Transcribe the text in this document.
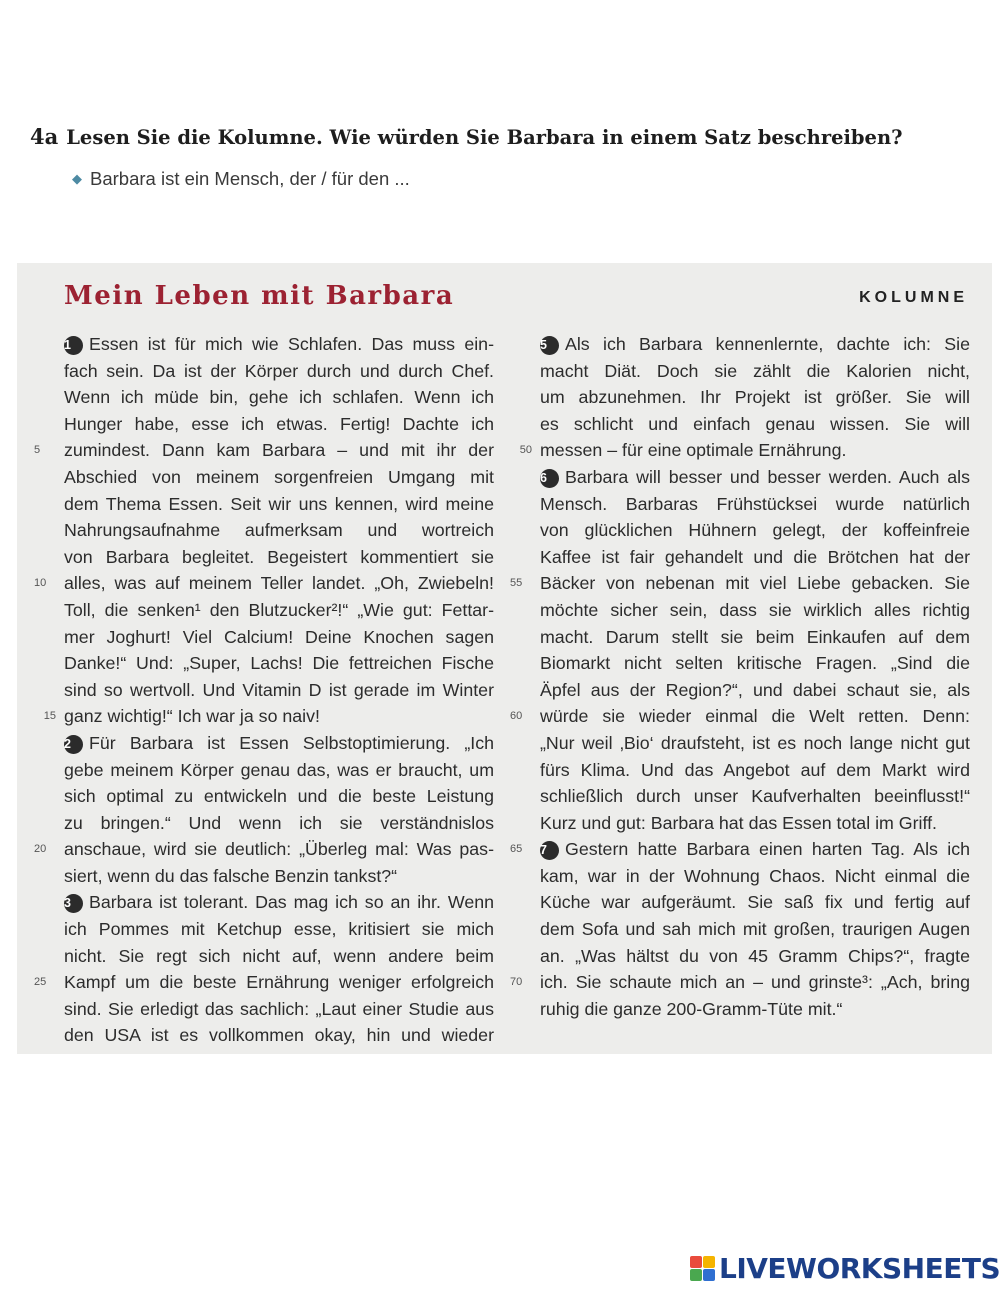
4a Lesen Sie die Kolumne. Wie würden Sie Barbara in einem Satz beschreiben?
◆ Barbara ist ein Mensch, der / für den ...
Mein Leben mit Barbara	KOLUMNE
1 Essen ist für mich wie Schlafen. Das muss ein-
fach sein. Da ist der Körper durch und durch Chef.
Wenn ich müde bin, gehe ich schlafen. Wenn ich
Hunger habe, esse ich etwas. Fertig! Dachte ich
5	zumindest. Dann kam Barbara – und mit ihr der
Abschied von meinem sorgenfreien Umgang mit
dem Thema Essen. Seit wir uns kennen, wird meine
Nahrungsaufnahme aufmerksam und wortreich
von Barbara begleitet. Begeistert kommentiert sie
10 alles, was auf meinem Teller landet. „Oh, Zwiebeln!
Toll, die senken¹ den Blutzucker²!“ „Wie gut: Fettar-
mer Joghurt! Viel Calcium! Deine Knochen sagen
Danke!“ Und: „Super, Lachs! Die fettreichen Fische
sind so wertvoll. Und Vitamin D ist gerade im Winter
15 ganz wichtig!“ Ich war ja so naiv!
2 Für Barbara ist Essen Selbstoptimierung. „Ich
gebe meinem Körper genau das, was er braucht, um
sich optimal zu entwickeln und die beste Leistung
zu bringen.“ Und wenn ich sie verständnislos
20 anschaue, wird sie deutlich: „Überleg mal: Was pas-
siert, wenn du das falsche Benzin tankst?“
3 Barbara ist tolerant. Das mag ich so an ihr. Wenn
ich Pommes mit Ketchup esse, kritisiert sie mich
nicht. Sie regt sich nicht auf, wenn andere beim
25 Kampf um die beste Ernährung weniger erfolgreich
sind. Sie erledigt das sachlich: „Laut einer Studie aus
den USA ist es vollkommen okay, hin und wieder
5 Als ich Barbara kennenlernte, dachte ich: Sie
macht Diät. Doch sie zählt die Kalorien nicht,
um abzunehmen. Ihr Projekt ist größer. Sie will
es schlicht und einfach genau wissen. Sie will
50 messen – für eine optimale Ernährung.
6 Barbara will besser und besser werden. Auch als
Mensch. Barbaras Frühstücksei wurde natürlich
von glücklichen Hühnern gelegt, der koffeinfreie
Kaffee ist fair gehandelt und die Brötchen hat der
55 Bäcker von nebenan mit viel Liebe gebacken. Sie
möchte sicher sein, dass sie wirklich alles richtig
macht. Darum stellt sie beim Einkaufen auf dem
Biomarkt nicht selten kritische Fragen. „Sind die
Äpfel aus der Region?“, und dabei schaut sie, als
60 würde sie wieder einmal die Welt retten. Denn:
„Nur weil ‚Bio‘ draufsteht, ist es noch lange nicht gut
fürs Klima. Und das Angebot auf dem Markt wird
schließlich durch unser Kaufverhalten beeinflusst!“
Kurz und gut: Barbara hat das Essen total im Griff.
65	7 Gestern hatte Barbara einen harten Tag. Als ich
kam, war in der Wohnung Chaos. Nicht einmal die
Küche war aufgeräumt. Sie saß fix und fertig auf
dem Sofa und sah mich mit großen, traurigen Augen
an. „Was hältst du von 45 Gramm Chips?“, fragte
70 ich. Sie schaute mich an – und grinste³: „Ach, bring
ruhig die ganze 200-Gramm-Tüte mit.“
LIVEWORKSHEETS
